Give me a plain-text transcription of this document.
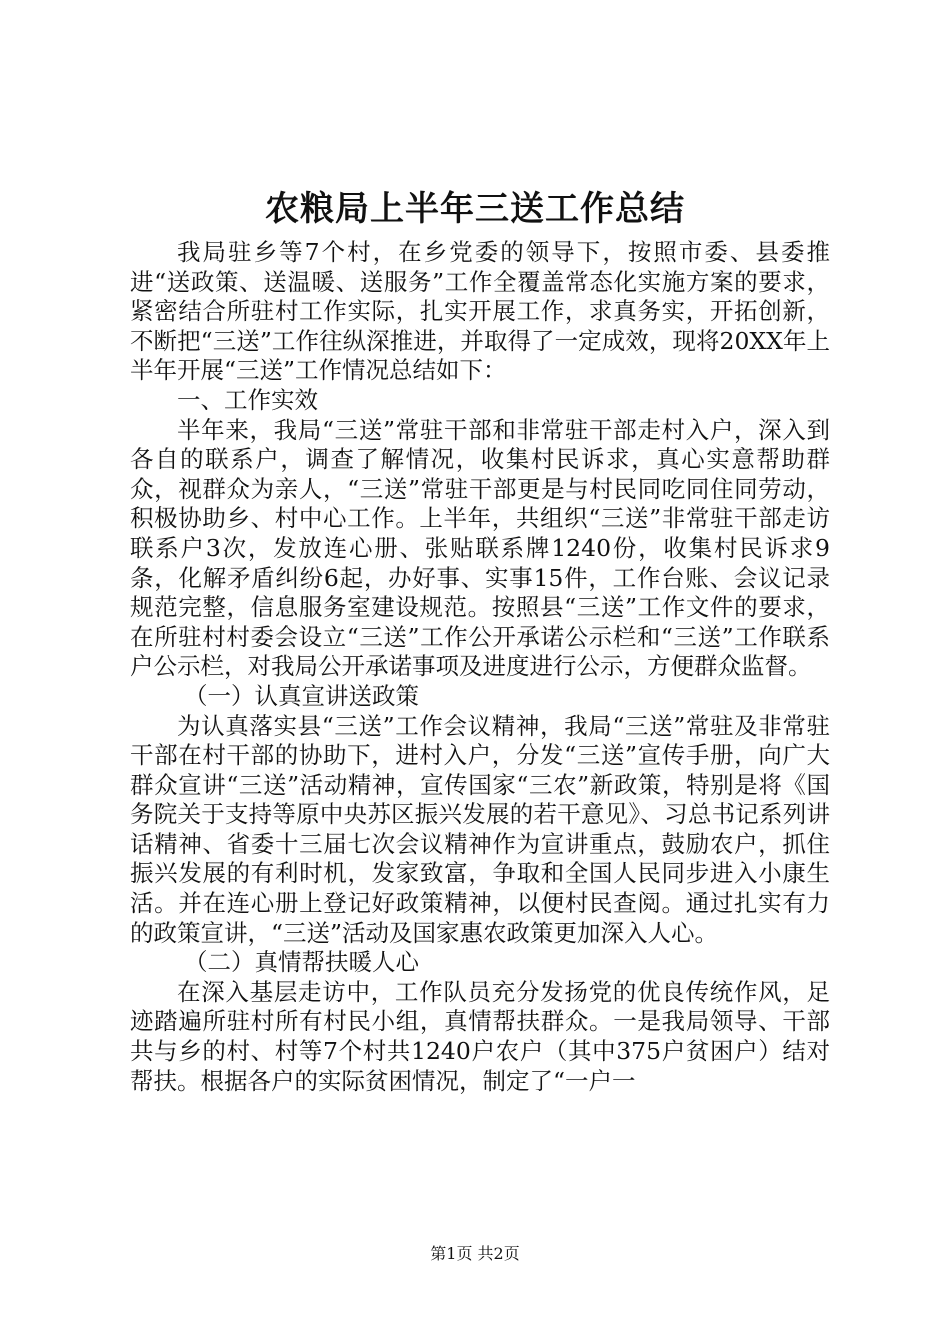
农粮局上半年三送工作总结

我局驻乡等7个村，在乡党委的领导下，按照市委、县委推进“送政策、送温暖、送服务”工作全覆盖常态化实施方案的要求，紧密结合所驻村工作实际，扎实开展工作，求真务实，开拓创新，不断把“三送”工作往纵深推进，并取得了一定成效，现将20XX年上半年开展“三送”工作情况总结如下：

一、工作实效

半年来，我局“三送”常驻干部和非常驻干部走村入户，深入到各自的联系户，调查了解情况，收集村民诉求，真心实意帮助群众，视群众为亲人，“三送”常驻干部更是与村民同吃同住同劳动，积极协助乡、村中心工作。上半年，共组织“三送”非常驻干部走访联系户3次，发放连心册、张贴联系牌1240份，收集村民诉求9条，化解矛盾纠纷6起，办好事、实事15件，工作台账、会议记录规范完整，信息服务室建设规范。按照县“三送”工作文件的要求，在所驻村村委会设立“三送”工作公开承诺公示栏和“三送”工作联系户公示栏，对我局公开承诺事项及进度进行公示，方便群众监督。

（一）认真宣讲送政策

为认真落实县“三送”工作会议精神，我局“三送”常驻及非常驻干部在村干部的协助下，进村入户，分发“三送”宣传手册，向广大群众宣讲“三送”活动精神，宣传国家“三农”新政策，特别是将《国务院关于支持等原中央苏区振兴发展的若干意见》、习总书记系列讲话精神、省委十三届七次会议精神作为宣讲重点，鼓励农户，抓住振兴发展的有利时机，发家致富，争取和全国人民同步进入小康生活。并在连心册上登记好政策精神，以便村民查阅。通过扎实有力的政策宣讲，“三送”活动及国家惠农政策更加深入人心。

（二）真情帮扶暖人心

在深入基层走访中，工作队员充分发扬党的优良传统作风，足迹踏遍所驻村所有村民小组，真情帮扶群众。一是我局领导、干部共与乡的村、村等7个村共1240户农户（其中375户贫困户）结对帮扶。根据各户的实际贫困情况，制定了“一户一

第1页 共2页
